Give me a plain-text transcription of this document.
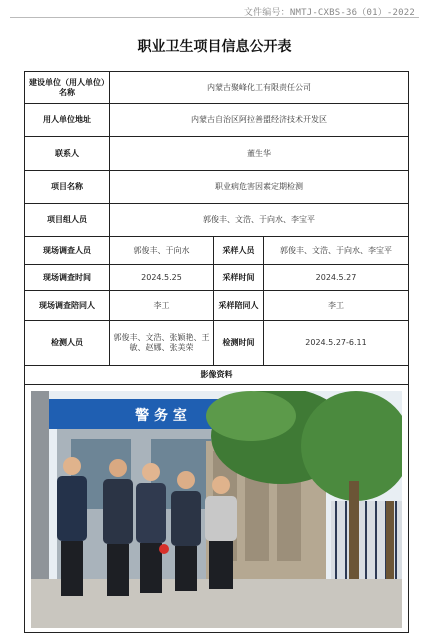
文件编号：NMTJ-CXBS-36（01）-2022
职业卫生项目信息公开表
建设单位（用人单位）名称	内蒙古聚峰化工有限责任公司		
用人单位地址	内蒙古自治区阿拉善盟经济技术开发区		
联系人	董生华		
项目名称	职业病危害因素定期检测		
项目组人员	郭俊丰、文浩、于向水、李宝平		
现场调查人员	郭俊丰、于向水	采样人员	郭俊丰、文浩、于向水、李宝平
现场调查时间	2024.5.25	采样时间	2024.5.27
现场调查陪同人	李工	采样陪同人	李工
检测人员	郭俊丰、文浩、张颖艳、王敏、赵娜、张美荣	检测时间	2024.5.27-6.11
影像资料			

警 务 室			
